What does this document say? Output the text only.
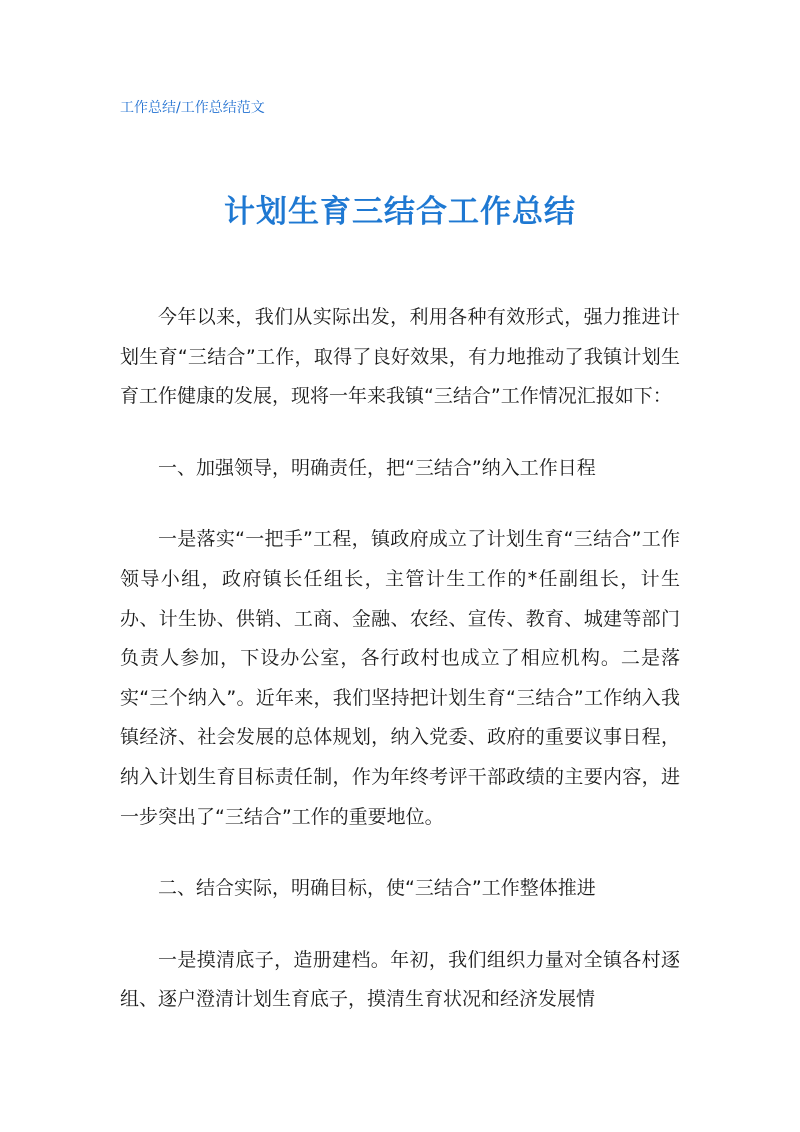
工作总结/工作总结范文
计划生育三结合工作总结

今年以来，我们从实际出发，利用各种有效形式，强力推进计划生育“三结合”工作，取得了良好效果，有力地推动了我镇计划生育工作健康的发展，现将一年来我镇“三结合”工作情况汇报如下：

一、加强领导，明确责任，把“三结合”纳入工作日程

一是落实“一把手”工程，镇政府成立了计划生育“三结合”工作领导小组，政府镇长任组长，主管计生工作的*任副组长，计生办、计生协、供销、工商、金融、农经、宣传、教育、城建等部门负责人参加，下设办公室，各行政村也成立了相应机构。二是落实“三个纳入”。近年来，我们坚持把计划生育“三结合”工作纳入我镇经济、社会发展的总体规划，纳入党委、政府的重要议事日程，纳入计划生育目标责任制，作为年终考评干部政绩的主要内容，进一步突出了“三结合”工作的重要地位。

二、结合实际，明确目标，使“三结合”工作整体推进

一是摸清底子，造册建档。年初，我们组织力量对全镇各村逐组、逐户澄清计划生育底子，摸清生育状况和经济发展情
